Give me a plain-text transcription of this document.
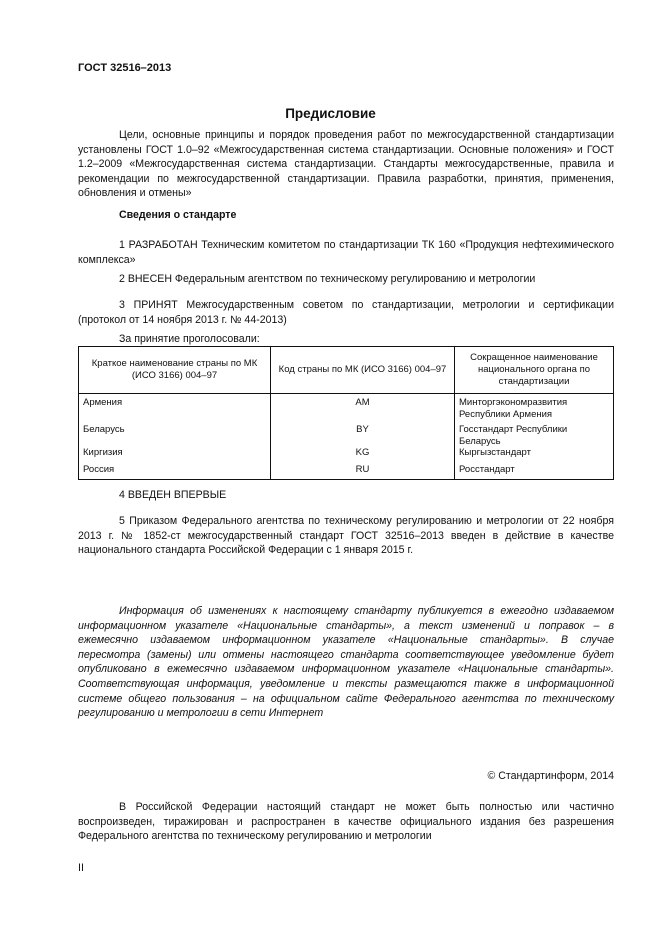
ГОСТ 32516–2013
Предисловие

Цели, основные принципы и порядок проведения работ по межгосударственной стандартизации установлены ГОСТ 1.0–92 «Межгосударственная система стандартизации. Основные положения» и ГОСТ 1.2–2009 «Межгосударственная система стандартизации. Стандарты межгосударственные, правила и рекомендации по межгосударственной стандартизации. Правила разработки, принятия, применения, обновления и отмены»

Сведения о стандарте

1 РАЗРАБОТАН Техническим комитетом по стандартизации ТК 160 «Продукция нефтехимического комплекса»

2 ВНЕСЕН Федеральным агентством по техническому регулированию и метрологии

3 ПРИНЯТ Межгосударственным советом по стандартизации, метрологии и сертификации (протокол от 14 ноября 2013 г. № 44-2013)

За принятие проголосовали:

Краткое наименование страны по МК (ИСО 3166) 004–97	Код страны по МК (ИСО 3166) 004–97	Сокращенное наименование национального органа по стандартизации
Армения	AM	Минторгэкономразвития Республики Армения
Беларусь	BY	Госстандарт Республики Беларусь
Киргизия	KG	Кыргызстандарт
Россия	RU	Росстандарт

4 ВВЕДЕН ВПЕРВЫЕ

5 Приказом Федерального агентства по техническому регулированию и метрологии от 22 ноября 2013 г. № 1852-ст межгосударственный стандарт ГОСТ 32516–2013 введен в действие в качестве национального стандарта Российской Федерации с 1 января 2015 г.

Информация об изменениях к настоящему стандарту публикуется в ежегодно издаваемом информационном указателе «Национальные стандарты», а текст изменений и поправок – в ежемесячно издаваемом информационном указателе «Национальные стандарты». В случае пересмотра (замены) или отмены настоящего стандарта соответствующее уведомление будет опубликовано в ежемесячно издаваемом информационном указателе «Национальные стандарты». Соответствующая информация, уведомление и тексты размещаются также в информационной системе общего пользования – на официальном сайте Федерального агентства по техническому регулированию и метрологии в сети Интернет

© Стандартинформ, 2014

В Российской Федерации настоящий стандарт не может быть полностью или частично воспроизведен, тиражирован и распространен в качестве официального издания без разрешения Федерального агентства по техническому регулированию и метрологии

II
